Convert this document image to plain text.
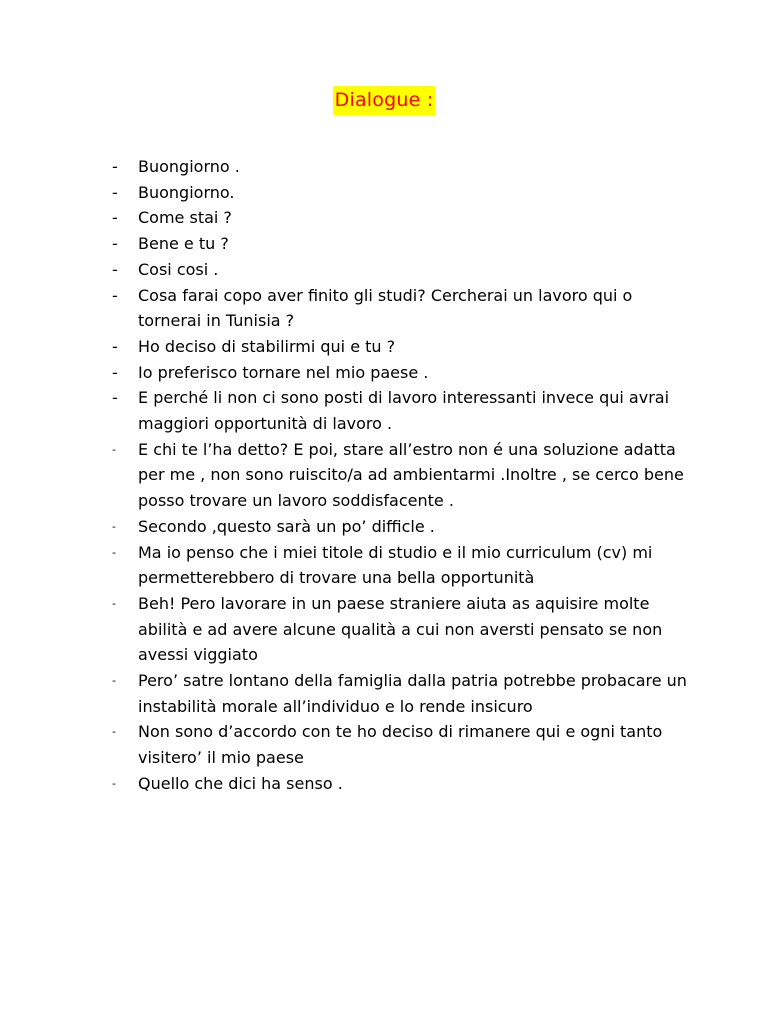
Dialogue :
-	Buongiorno .
-	Buongiorno.
-	Come stai ?
-	Bene e tu ?
-	Cosi cosi .
-	Cosa farai copo aver finito gli studi? Cercherai un lavoro qui o tornerai in Tunisia ?
-	Ho deciso di stabilirmi qui e tu ?
-	Io preferisco tornare nel mio paese .
-	E perché li non ci sono posti di lavoro interessanti invece qui avrai maggiori opportunità di lavoro .
-	E chi te l’ha detto? E poi, stare all’estro non é una soluzione adatta per me , non sono ruiscito/a ad ambientarmi .Inoltre , se cerco bene posso trovare un lavoro soddisfacente .
-	Secondo ,questo sarà un po’ difficle .
-	Ma io penso che i miei titole di studio e il mio curriculum (cv) mi permetterebbero di trovare una bella opportunità
-	Beh! Pero lavorare in un paese straniere aiuta as aquisire molte abilità e ad avere alcune qualità a cui non aversti pensato se non avessi viggiato
-	Pero’ satre lontano della famiglia dalla patria potrebbe probacare un instabilità morale all’individuo e lo rende insicuro
-	Non sono d’accordo con te ho deciso di rimanere qui e ogni tanto visitero’ il mio paese
-	Quello che dici ha senso .
